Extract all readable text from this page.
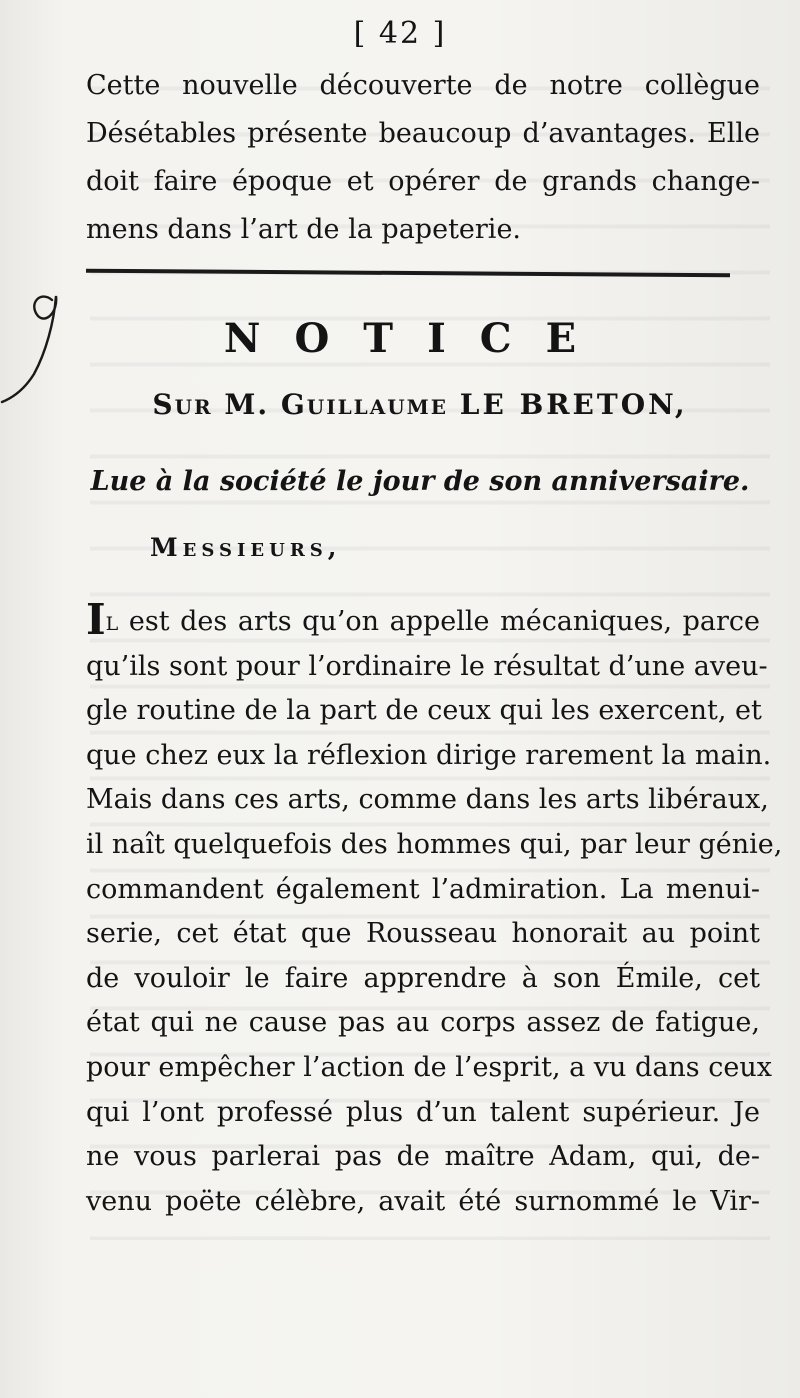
[ 42 ]
Cette nouvelle découverte de notre collègue
Désétables présente beaucoup d’avantages. Elle
doit faire époque et opérer de grands change-
mens dans l’art de la papeterie.
NOTICE
Sur M. Guillaume LE BRETON,
Lue à la société le jour de son anniversaire.
Messieurs,
Il est des arts qu’on appelle mécaniques, parce
qu’ils sont pour l’ordinaire le résultat d’une aveu-
gle routine de la part de ceux qui les exercent, et
que chez eux la réflexion dirige rarement la main.
Mais dans ces arts, comme dans les arts libéraux,
il naît quelquefois des hommes qui, par leur génie,
commandent également l’admiration. La menui-
serie, cet état que Rousseau honorait au point
de vouloir le faire apprendre à son Émile, cet
état qui ne cause pas au corps assez de fatigue,
pour empêcher l’action de l’esprit, a vu dans ceux
qui l’ont professé plus d’un talent supérieur. Je
ne vous parlerai pas de maître Adam, qui, de-
venu poëte célèbre, avait été surnommé le Vir-
